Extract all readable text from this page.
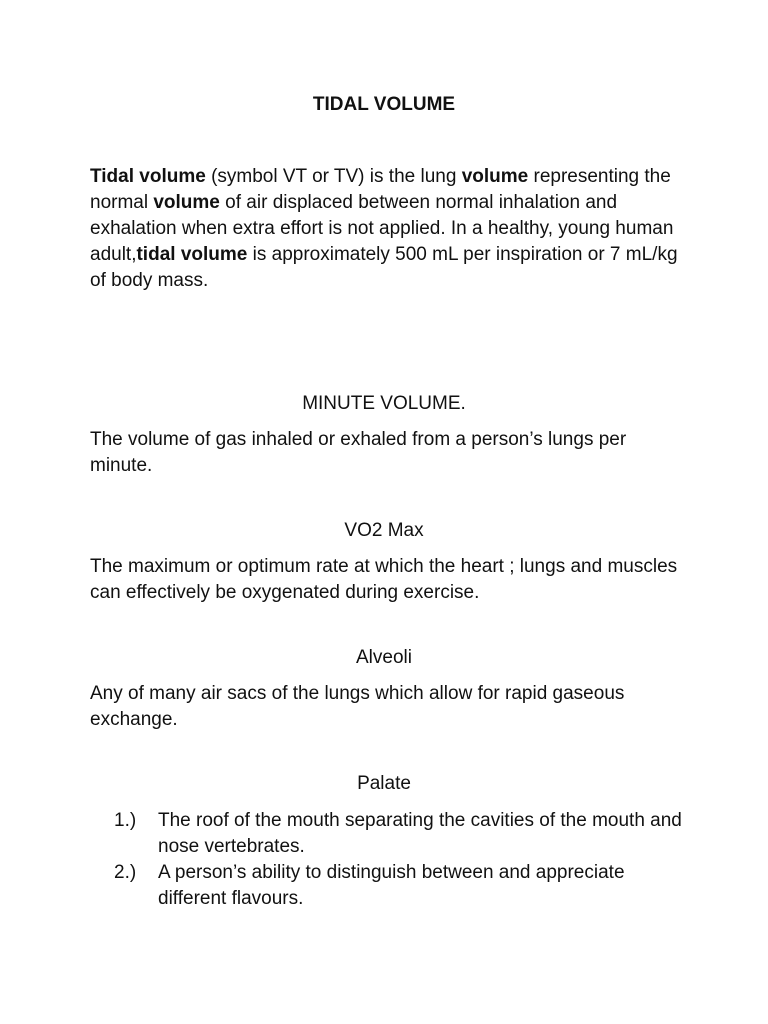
TIDAL VOLUME

Tidal volume (symbol VT or TV) is the lung volume representing the normal volume of air displaced between normal inhalation and exhalation when extra effort is not applied. In a healthy, young human adult,tidal volume is approximately 500 mL per inspiration or 7 mL/kg of body mass.

MINUTE VOLUME.

The volume of gas inhaled or exhaled from a person’s lungs per minute.

VO2 Max

The maximum or optimum rate at which the heart ; lungs and muscles can effectively be oxygenated during exercise.

Alveoli

Any of many air sacs of the lungs which allow for rapid gaseous exchange.

Palate
1.) The roof of the mouth separating the cavities of the mouth and nose vertebrates.
2.) A person’s ability to distinguish between and appreciate different flavours.
